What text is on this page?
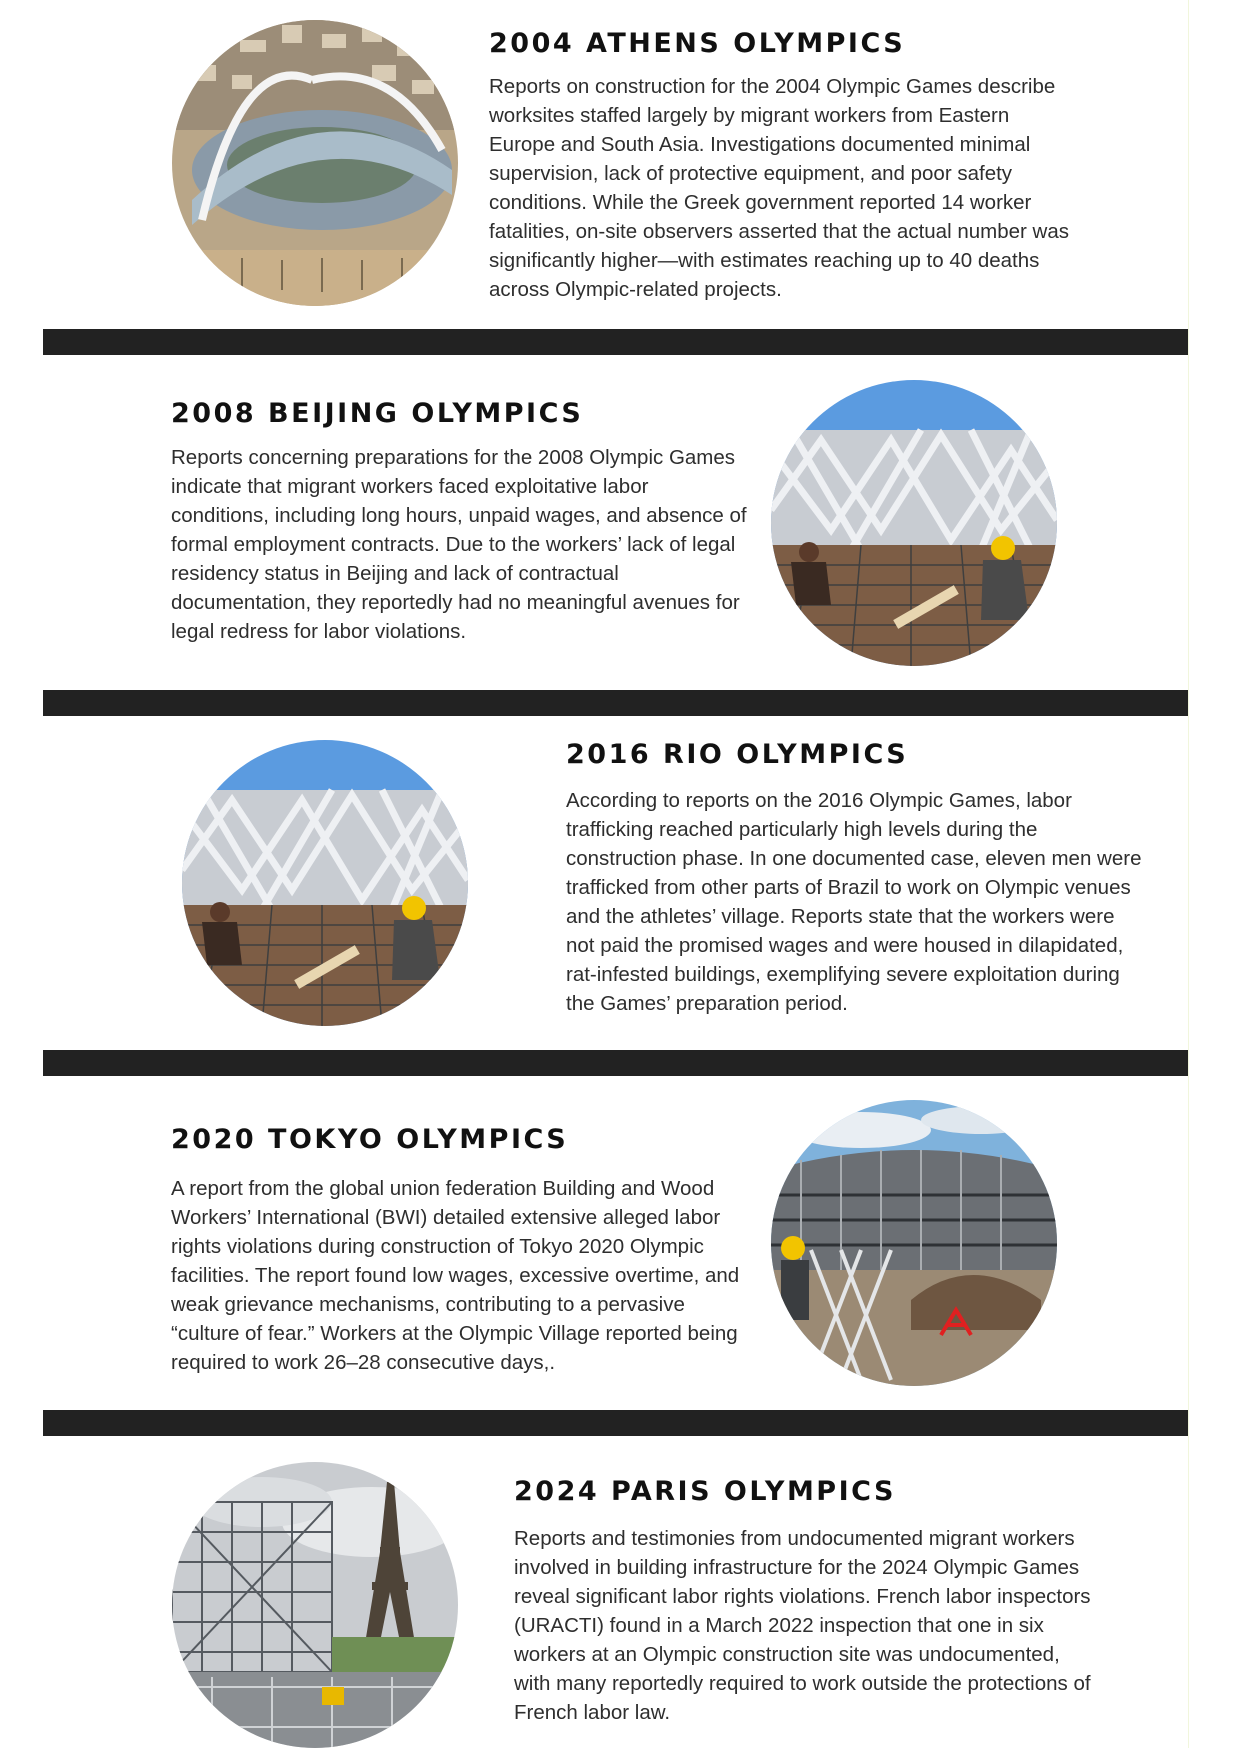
2004 ATHENS OLYMPICS

Reports on construction for the 2004 Olympic Games describe worksites staffed largely by migrant workers from Eastern Europe and South Asia. Investigations documented minimal supervision, lack of protective equipment, and poor safety conditions. While the Greek government reported 14 worker fatalities, on-site observers asserted that the actual number was significantly higher—with estimates reaching up to 40 deaths across Olympic-related projects.

2008 BEIJING OLYMPICS

Reports concerning preparations for the 2008 Olympic Games indicate that migrant workers faced exploitative labor conditions, including long hours, unpaid wages, and absence of formal employment contracts. Due to the workers’ lack of legal residency status in Beijing and lack of contractual documentation, they reportedly had no meaningful avenues for legal redress for labor violations.

2016 RIO OLYMPICS

According to reports on the 2016 Olympic Games, labor trafficking reached particularly high levels during the construction phase. In one documented case, eleven men were trafficked from other parts of Brazil to work on Olympic venues and the athletes’ village. Reports state that the workers were not paid the promised wages and were housed in dilapidated, rat-infested buildings, exemplifying severe exploitation during the Games’ preparation period.

2020 TOKYO OLYMPICS

A report from the global union federation Building and Wood Workers’ International (BWI) detailed extensive alleged labor rights violations during construction of Tokyo 2020 Olympic facilities. The report found low wages, excessive overtime, and weak grievance mechanisms, contributing to a pervasive “culture of fear.” Workers at the Olympic Village reported being required to work 26–28 consecutive days,.

2024 PARIS OLYMPICS

Reports and testimonies from undocumented migrant workers involved in building infrastructure for the 2024 Olympic Games reveal significant labor rights violations. French labor inspectors (URACTI) found in a March 2022 inspection that one in six workers at an Olympic construction site was undocumented, with many reportedly required to work outside the protections of French labor law.
